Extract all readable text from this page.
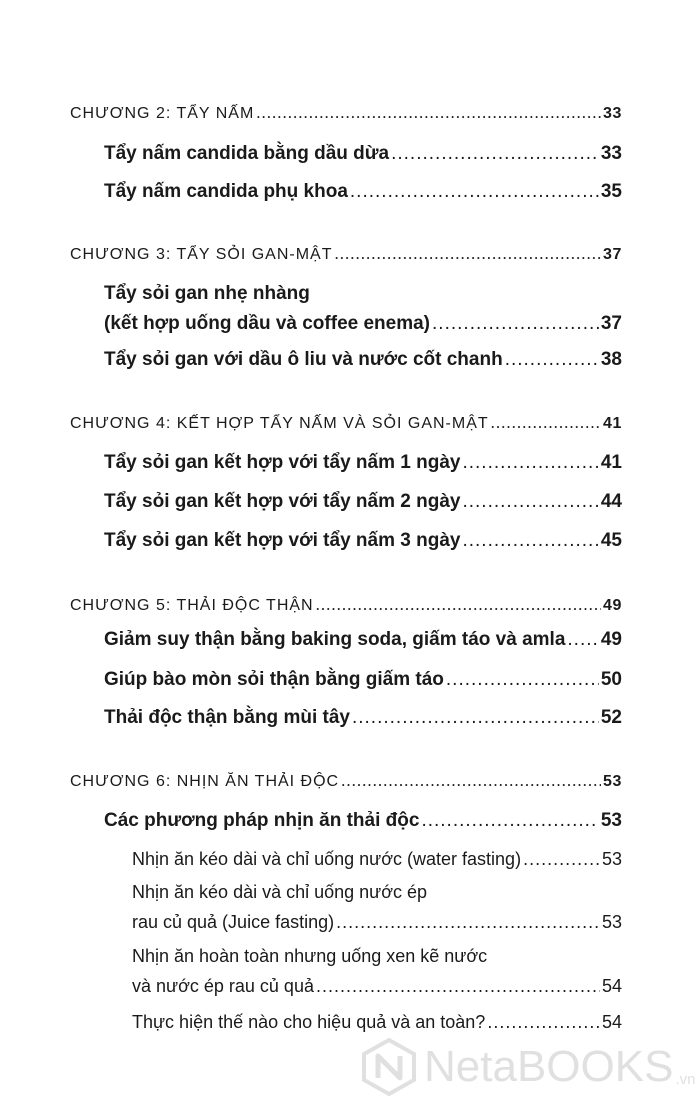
CHƯƠNG 2: TẨY NẤM .....	33
Tẩy nấm candida bằng dầu dừa .....	33
Tẩy nấm candida phụ khoa .....	35
CHƯƠNG 3: TẨY SỎI GAN-MẬT .....	37
Tẩy sỏi gan nhẹ nhàng
(kết hợp uống dầu và coffee enema) .....	37
Tẩy sỏi gan với dầu ô liu và nước cốt chanh .....	38
CHƯƠNG 4: KẾT HỢP TẨY NẤM VÀ SỎI GAN-MẬT .....	41
Tẩy sỏi gan kết hợp với tẩy nấm 1 ngày .....	41
Tẩy sỏi gan kết hợp với tẩy nấm 2 ngày .....	44
Tẩy sỏi gan kết hợp với tẩy nấm 3 ngày .....	45
CHƯƠNG 5: THẢI ĐỘC THẬN .....	49
Giảm suy thận bằng baking soda, giấm táo và amla ..... 49
Giúp bào mòn sỏi thận bằng giấm táo .....	50
Thải độc thận bằng mùi tây .....	52
CHƯƠNG 6: NHỊN ĂN THẢI ĐỘC .....	53
Các phương pháp nhịn ăn thải độc .....	53
Nhịn ăn kéo dài và chỉ uống nước (water fasting) .....	53
Nhịn ăn kéo dài và chỉ uống nước ép
rau củ quả (Juice fasting) .....	53
Nhịn ăn hoàn toàn nhưng uống xen kẽ nước
và nước ép rau củ quả .....	54
Thực hiện thế nào cho hiệu quả và an toàn? .....	54
NetaBOOKS .vn
